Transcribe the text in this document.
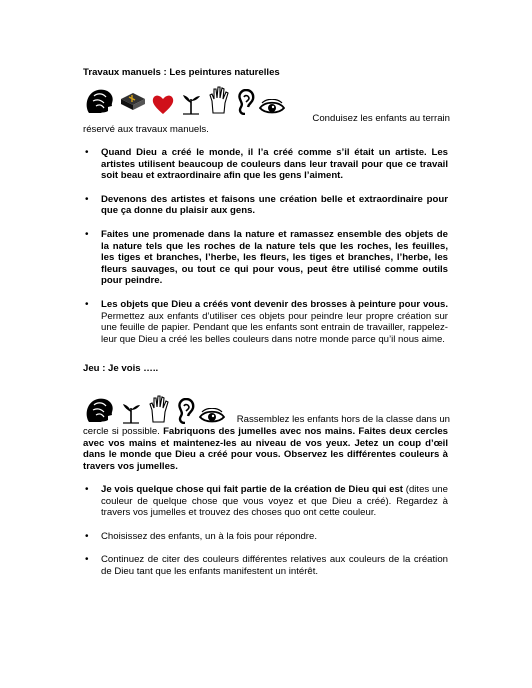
Travaux manuels : Les peintures naturelles
Conduisez les enfants au terrain
réservé aux travaux manuels.
• Quand Dieu a créé le monde, il l’a créé comme s’il était un artiste. Les artistes utilisent beaucoup de couleurs dans leur travail pour que ce travail soit beau et extraordinaire afin que les gens l’aiment.
• Devenons des artistes et faisons une création belle et extraordinaire pour que ça donne du plaisir aux gens.
• Faites une promenade dans la nature et ramassez ensemble des objets de la nature tels que les roches de la nature tels que les roches, les feuilles, les tiges et branches, l’herbe, les fleurs, les tiges et branches, l’herbe, les fleurs sauvages, ou tout ce qui pour vous, peut être utilisé comme outils pour peindre.
• Les objets que Dieu a créés vont devenir des brosses à peinture pour vous. Permettez aux enfants d’utiliser ces objets pour peindre leur propre création sur une feuille de papier. Pendant que les enfants sont entrain de travailler, rappelez-leur que Dieu a créé les belles couleurs dans notre monde parce qu’il nous aime.
Jeu : Je vois …..
Rassemblez les enfants hors de la classe dans un
cercle si possible. Fabriquons des jumelles avec nos mains. Faites deux cercles avec vos mains et maintenez-les au niveau de vos yeux. Jetez un coup d’œil dans le monde que Dieu a créé pour vous. Observez les différentes couleurs à travers vos jumelles.
• Je vois quelque chose qui fait partie de la création de Dieu qui est (dites une couleur de quelque chose que vous voyez et que Dieu a créé). Regardez à travers vos jumelles et trouvez des choses quo ont cette couleur.
• Choisissez des enfants, un à la fois pour répondre.
• Continuez de citer des couleurs différentes relatives aux couleurs de la création de Dieu tant que les enfants manifestent un intérêt.
